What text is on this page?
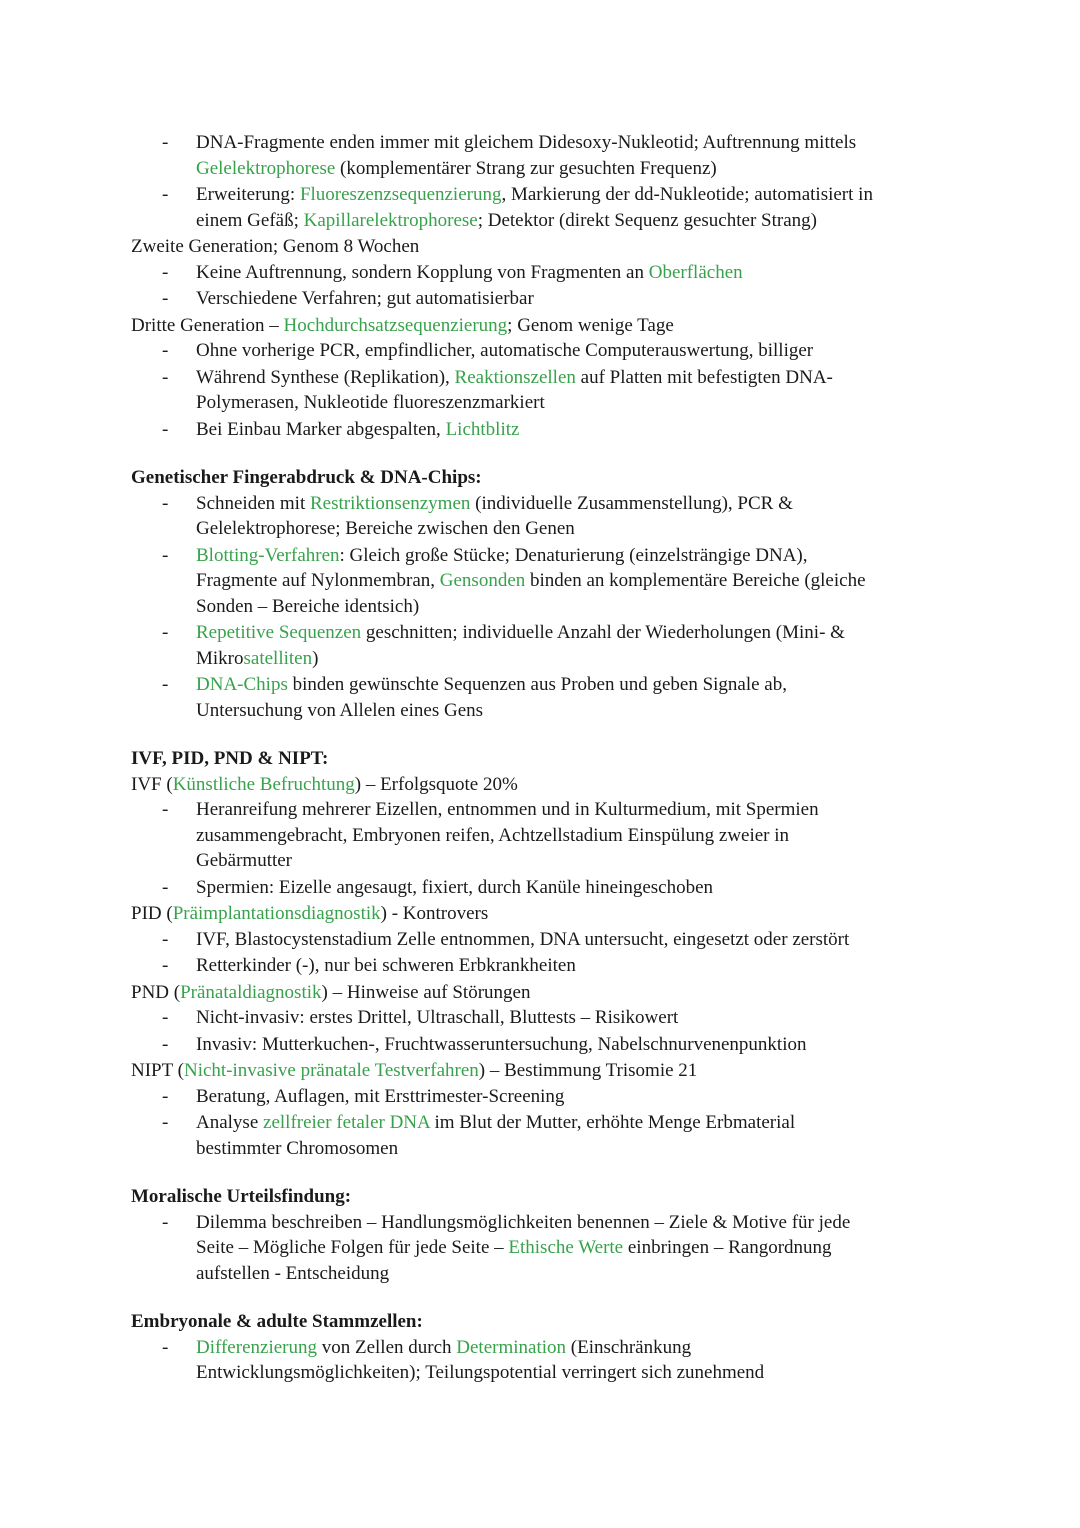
- DNA-Fragmente enden immer mit gleichem Didesoxy-Nukleotid; Auftrennung mittels
Gelelektrophorese (komplementärer Strang zur gesuchten Frequenz)
- Erweiterung: Fluoreszenzsequenzierung, Markierung der dd-Nukleotide; automatisiert in
einem Gefäß; Kapillarelektrophorese; Detektor (direkt Sequenz gesuchter Strang)
Zweite Generation; Genom 8 Wochen
- Keine Auftrennung, sondern Kopplung von Fragmenten an Oberflächen
- Verschiedene Verfahren; gut automatisierbar
Dritte Generation – Hochdurchsatzsequenzierung; Genom wenige Tage
- Ohne vorherige PCR, empfindlicher, automatische Computerauswertung, billiger
- Während Synthese (Replikation), Reaktionszellen auf Platten mit befestigten DNA-
Polymerasen, Nukleotide fluoreszenzmarkiert
- Bei Einbau Marker abgespalten, Lichtblitz
Genetischer Fingerabdruck & DNA-Chips:
- Schneiden mit Restriktionsenzymen (individuelle Zusammenstellung), PCR &
Gelelektrophorese; Bereiche zwischen den Genen
- Blotting-Verfahren: Gleich große Stücke; Denaturierung (einzelsträngige DNA),
Fragmente auf Nylonmembran, Gensonden binden an komplementäre Bereiche (gleiche
Sonden – Bereiche identsich)
- Repetitive Sequenzen geschnitten; individuelle Anzahl der Wiederholungen (Mini- &
Mikrosatelliten)
- DNA-Chips binden gewünschte Sequenzen aus Proben und geben Signale ab,
Untersuchung von Allelen eines Gens
IVF, PID, PND & NIPT:
IVF (Künstliche Befruchtung) – Erfolgsquote 20%
- Heranreifung mehrerer Eizellen, entnommen und in Kulturmedium, mit Spermien
zusammengebracht, Embryonen reifen, Achtzellstadium Einspülung zweier in
Gebärmutter
- Spermien: Eizelle angesaugt, fixiert, durch Kanüle hineingeschoben
PID (Präimplantationsdiagnostik) - Kontrovers
- IVF, Blastocystenstadium Zelle entnommen, DNA untersucht, eingesetzt oder zerstört
- Retterkinder (-), nur bei schweren Erbkrankheiten
PND (Pränataldiagnostik) – Hinweise auf Störungen
- Nicht-invasiv: erstes Drittel, Ultraschall, Bluttests – Risikowert
- Invasiv: Mutterkuchen-, Fruchtwasseruntersuchung, Nabelschnurvenenpunktion
NIPT (Nicht-invasive pränatale Testverfahren) – Bestimmung Trisomie 21
- Beratung, Auflagen, mit Ersttrimester-Screening
- Analyse zellfreier fetaler DNA im Blut der Mutter, erhöhte Menge Erbmaterial
bestimmter Chromosomen
Moralische Urteilsfindung:
- Dilemma beschreiben – Handlungsmöglichkeiten benennen – Ziele & Motive für jede
Seite – Mögliche Folgen für jede Seite – Ethische Werte einbringen – Rangordnung
aufstellen - Entscheidung
Embryonale & adulte Stammzellen:
- Differenzierung von Zellen durch Determination (Einschränkung
Entwicklungsmöglichkeiten); Teilungspotential verringert sich zunehmend
